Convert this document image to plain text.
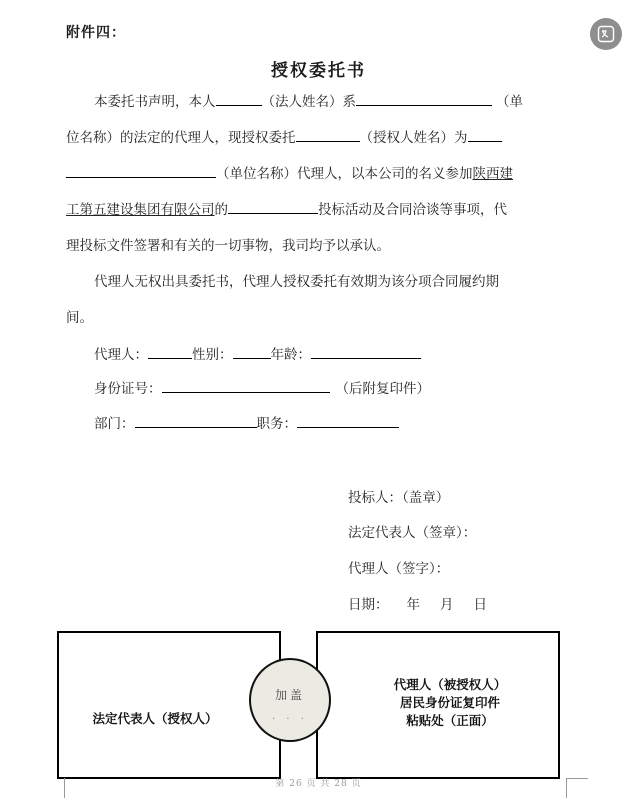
附件四：
授权委托书
本委托书声明，本人	（法人姓名）系	（单
位名称）的法定的代理人，现授权委托	（授权人姓名）为
（单位名称）代理人，以本公司的名义参加陕西建
工第五建设集团有限公司的	投标活动及合同洽谈等事项，代
理投标文件签署和有关的一切事物，我司均予以承认。
代理人无权出具委托书，代理人授权委托有效期为该分项合同履约期
间。
代理人：	性别：	年龄：
身份证号：	（后附复印件）
部门：	职务：
投标人：（盖章）
法定代表人（签章）：
代理人（签字）：
日期： 年 月 日
法定代表人（授权人）
代理人（被授权人）
居民身份证复印件
粘贴处（正面）
加盖
· · ·
第 26 页 共 28 页
